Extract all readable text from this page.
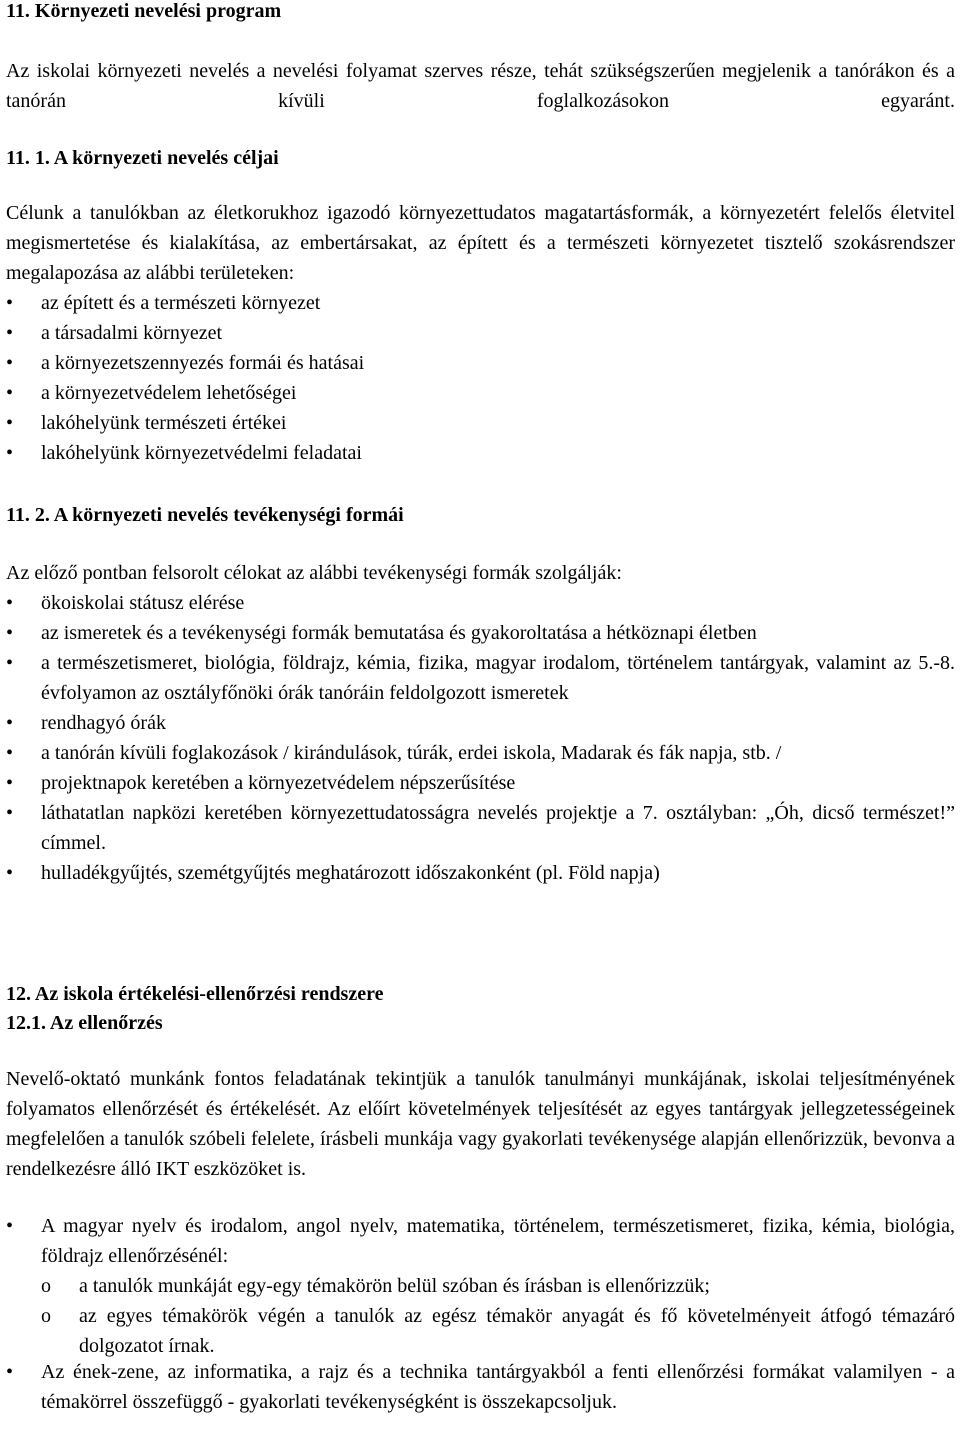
11. Környezeti nevelési program

Az iskolai környezeti nevelés a nevelési folyamat szerves része, tehát szükségszerűen megjelenik a tanórákon és a tanórán kívüli foglalkozásokon egyaránt.

11. 1. A környezeti nevelés céljai

Célunk a tanulókban az életkorukhoz igazodó környezettudatos magatartásformák, a környezetért felelős életvitel megismertetése és kialakítása, az embertársakat, az épített és a természeti környezetet tisztelő szokásrendszer megalapozása az alábbi területeken:

•	az épített és a természeti környezet
•	a társadalmi környezet
•	a környezetszennyezés formái és hatásai
•	a környezetvédelem lehetőségei
•	lakóhelyünk természeti értékei
•	lakóhelyünk környezetvédelmi feladatai
11. 2. A környezeti nevelés tevékenységi formái

Az előző pontban felsorolt célokat az alábbi tevékenységi formák szolgálják:

•	ökoiskolai státusz elérése
•	az ismeretek és a tevékenységi formák bemutatása és gyakoroltatása a hétköznapi életben
•	a természetismeret, biológia, földrajz, kémia, fizika, magyar irodalom, történelem tantárgyak, valamint az 5.-8. évfolyamon az osztályfőnöki órák tanóráin feldolgozott ismeretek
•	rendhagyó órák
•	a tanórán kívüli foglakozások / kirándulások, túrák, erdei iskola, Madarak és fák napja, stb. /
•	projektnapok keretében a környezetvédelem népszerűsítése
•	láthatatlan napközi keretében környezettudatosságra nevelés projektje a 7. osztályban: „Óh, dicső természet!” címmel.
•	hulladékgyűjtés, szemétgyűjtés meghatározott időszakonként (pl. Föld napja)
12. Az iskola értékelési-ellenőrzési rendszere
12.1. Az ellenőrzés

Nevelő-oktató munkánk fontos feladatának tekintjük a tanulók tanulmányi munkájának, iskolai teljesítményének folyamatos ellenőrzését és értékelését. Az előírt követelmények teljesítését az egyes tantárgyak jellegzetességeinek megfelelően a tanulók szóbeli felelete, írásbeli munkája vagy gyakorlati tevékenysége alapján ellenőrizzük, bevonva a rendelkezésre álló IKT eszközöket is.

•	A magyar nyelv és irodalom, angol nyelv, matematika, történelem, természetismeret, fizika, kémia, biológia, földrajz ellenőrzésénél:
o	a tanulók munkáját egy-egy témakörön belül szóban és írásban is ellenőrizzük;
o	az egyes témakörök végén a tanulók az egész témakör anyagát és fő követelményeit átfogó témazáró dolgozatot írnak.
•	Az ének-zene, az informatika, a rajz és a technika tantárgyakból a fenti ellenőrzési formákat valamilyen - a témakörrel összefüggő - gyakorlati tevékenységként is összekapcsoljuk.
